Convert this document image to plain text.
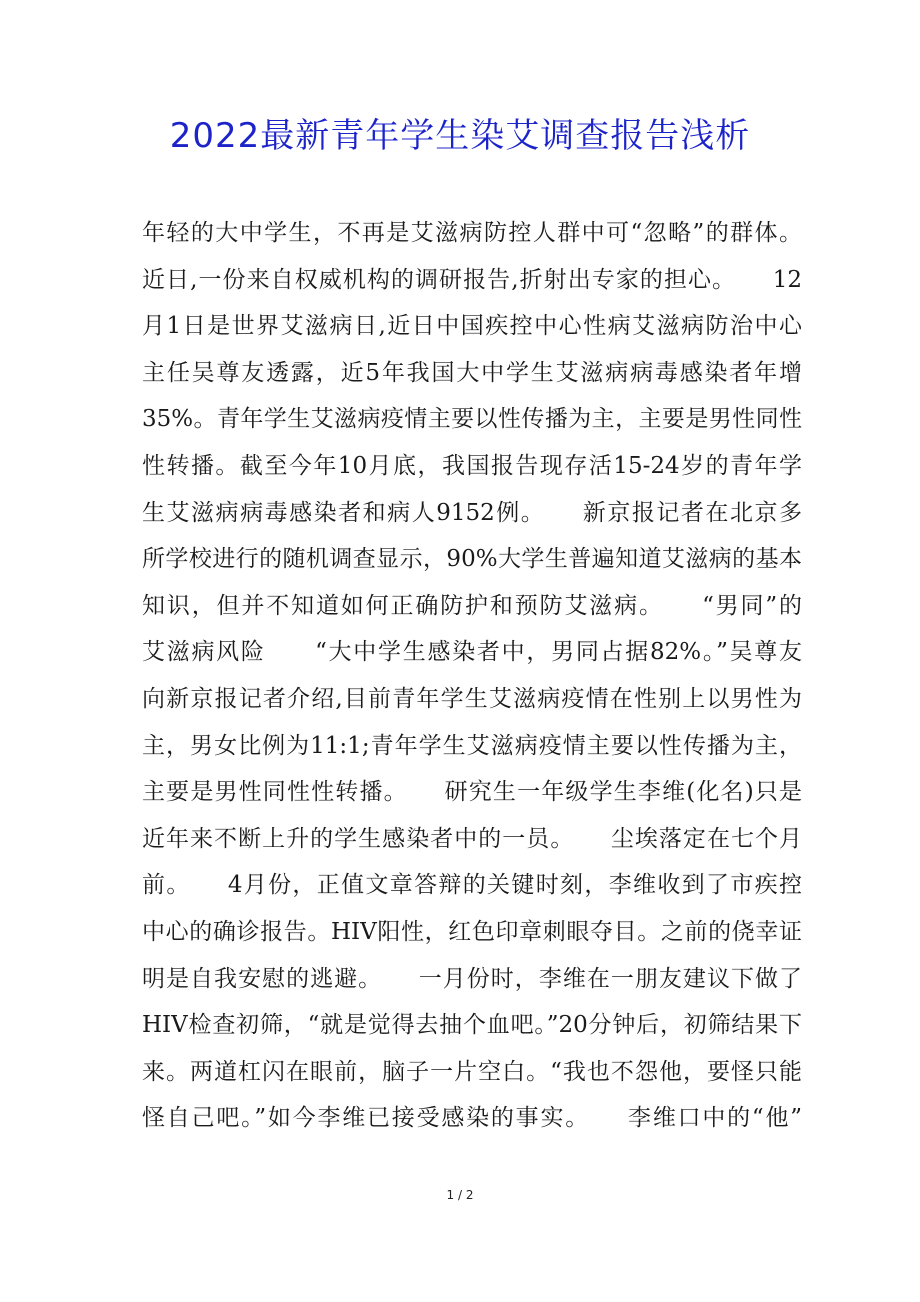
2022最新青年学生染艾调查报告浅析
年轻的大中学生，不再是艾滋病防控人群中可“忽略”的群体。
近日,一份来自权威机构的调研报告,折射出专家的担心。　　12
月1日是世界艾滋病日,近日中国疾控中心性病艾滋病防治中心
主任吴尊友透露，近5年我国大中学生艾滋病病毒感染者年增
35%。青年学生艾滋病疫情主要以性传播为主，主要是男性同性
性转播。截至今年10月底，我国报告现存活15-24岁的青年学
生艾滋病病毒感染者和病人9152例。　　新京报记者在北京多
所学校进行的随机调查显示，90%大学生普遍知道艾滋病的基本
知识，但并不知道如何正确防护和预防艾滋病。　　“男同”的
艾滋病风险　　“大中学生感染者中，男同占据82%。”吴尊友
向新京报记者介绍,目前青年学生艾滋病疫情在性别上以男性为
主，男女比例为11:1;青年学生艾滋病疫情主要以性传播为主，
主要是男性同性性转播。　　研究生一年级学生李维(化名)只是
近年来不断上升的学生感染者中的一员。　　尘埃落定在七个月
前。　　4月份，正值文章答辩的关键时刻，李维收到了市疾控
中心的确诊报告。HIV阳性，红色印章刺眼夺目。之前的侥幸证
明是自我安慰的逃避。　　一月份时，李维在一朋友建议下做了
HIV检查初筛，“就是觉得去抽个血吧。”20分钟后，初筛结果下
来。两道杠闪在眼前，脑子一片空白。“我也不怨他，要怪只能
怪自己吧。”如今李维已接受感染的事实。　　李维口中的“他”
1 / 2
